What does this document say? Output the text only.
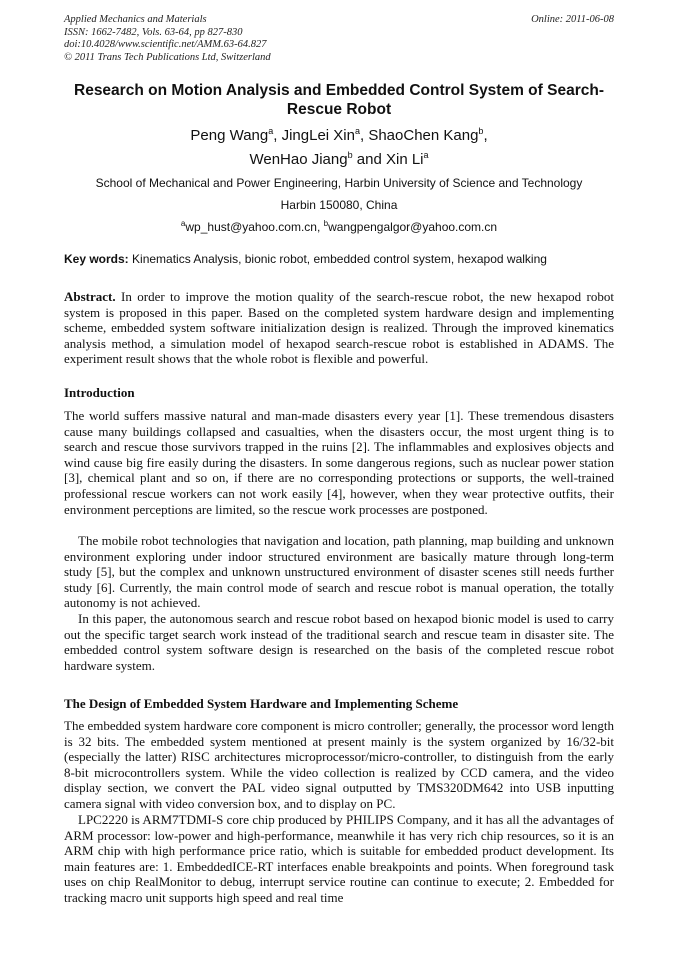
Applied Mechanics and Materials
ISSN: 1662-7482, Vols. 63-64, pp 827-830
doi:10.4028/www.scientific.net/AMM.63-64.827
© 2011 Trans Tech Publications Ltd, Switzerland
Online: 2011-06-08
Research on Motion Analysis and Embedded Control System of Search-Rescue Robot
Peng Wang$^a$, JingLei Xin$^a$, ShaoChen Kang$^b$,
WenHao Jiang$^b$ and Xin Li$^a$
School of Mechanical and Power Engineering, Harbin University of Science and Technology
Harbin 150080, China
$^a$wp_hust@yahoo.com.cn, $^b$wangpengalgor@yahoo.com.cn
Key words: Kinematics Analysis, bionic robot, embedded control system, hexapod walking
Abstract. In order to improve the motion quality of the search-rescue robot, the new hexapod robot system is proposed in this paper. Based on the completed system hardware design and implementing scheme, embedded system software initialization design is realized. Through the improved kinematics analysis method, a simulation model of hexapod search-rescue robot is established in ADAMS. The experiment result shows that the whole robot is flexible and powerful.
Introduction
The world suffers massive natural and man-made disasters every year [1]. These tremendous disasters cause many buildings collapsed and casualties, when the disasters occur, the most urgent thing is to search and rescue those survivors trapped in the ruins [2]. The inflammables and explosives objects and wind cause big fire easily during the disasters. In some dangerous regions, such as nuclear power station [3], chemical plant and so on, if there are no corresponding protections or supports, the well-trained professional rescue workers can not work easily [4], however, when they wear protective outfits, their environment perceptions are limited, so the rescue work processes are postponed.
The mobile robot technologies that navigation and location, path planning, map building and unknown environment exploring under indoor structured environment are basically mature through long-term study [5], but the complex and unknown unstructured environment of disaster scenes still needs further study [6]. Currently, the main control mode of search and rescue robot is manual operation, the totally autonomy is not achieved.
In this paper, the autonomous search and rescue robot based on hexapod bionic model is used to carry out the specific target search work instead of the traditional search and rescue team in disaster site. The embedded control system software design is researched on the basis of the completed rescue robot hardware system.
The Design of Embedded System Hardware and Implementing Scheme
The embedded system hardware core component is micro controller; generally, the processor word length is 32 bits. The embedded system mentioned at present mainly is the system organized by 16/32-bit (especially the latter) RISC architectures microprocessor/micro-controller, to distinguish from the early 8-bit microcontrollers system. While the video collection is realized by CCD camera, and the video display section, we convert the PAL video signal outputted by TMS320DM642 into USB inputting camera signal with video conversion box, and to display on PC.
LPC2220 is ARM7TDMI-S core chip produced by PHILIPS Company, and it has all the advantages of ARM processor: low-power and high-performance, meanwhile it has very rich chip resources, so it is an ARM chip with high performance price ratio, which is suitable for embedded product development. Its main features are: 1. EmbeddedICE-RT interfaces enable breakpoints and points. When foreground task uses on chip RealMonitor to debug, interrupt service routine can continue to execute; 2. Embedded for tracking macro unit supports high speed and real time
